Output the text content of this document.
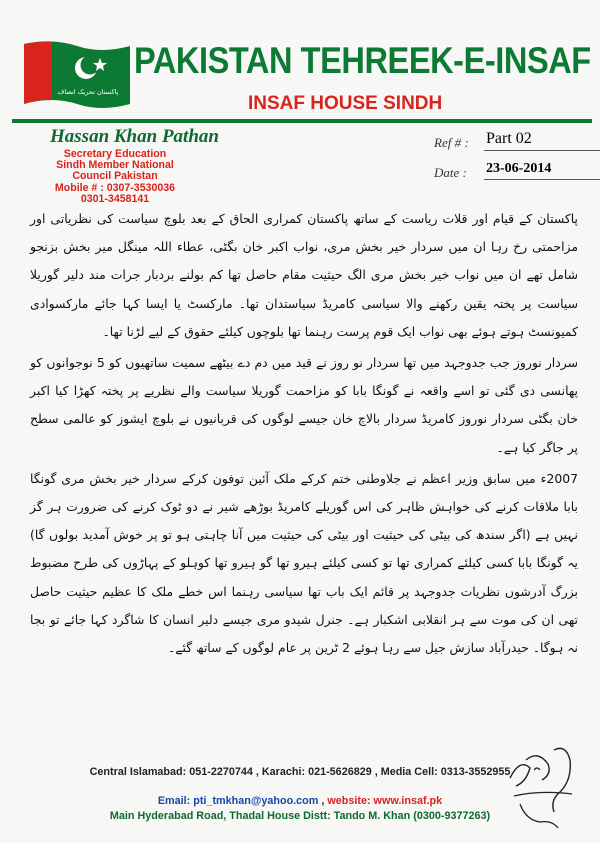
پاکستان تحریک انصاف
PAKISTAN TEHREEK-E-INSAF
INSAF HOUSE SINDH
Hassan Khan Pathan
Secretary Education
Sindh Member National
Council Pakistan
Mobile # : 0307-3530036
0301-3458141
Ref # : Part 02
Date : 23-06-2014

پاکستان کے قیام اور قلات ریاست کے ساتھ پاکستان کمراری الحاق کے بعد بلوچ سیاست کی نظریاتی اور مزاحمتی رخ رہا ان میں سردار خیر بخش مری، نواب اکبر خان بگٹی، عطاء اللہ مینگل میر بخش بزنجو شامل تھے ان میں نواب خیر بخش مری الگ حیثیت مقام حاصل تھا کم بولنے بردبار جرات مند دلیر گوریلا سیاست پر پختہ یقین رکھنے والا سیاسی کامریڈ سیاستدان تھا۔ مارکسٹ یا ایسا کہا جائے مارکسوادی کمیونسٹ ہوتے ہوئے بھی نواب ایک قوم پرست رہنما تھا بلوچوں کیلئے حقوق کے لیے لڑنا تھا۔

سردار نوروز جب جدوجہد میں تھا سردار نو روز نے قید میں دم دے بیٹھے سمیت ساتھیوں کو 5 نوجوانوں کو پھانسی دی گئی تو اسے واقعہ نے گونگا بابا کو مزاحمت گوریلا سیاست والے نظریے پر پختہ کھڑا کیا اکبر خان بگٹی سردار نوروز کامریڈ سردار بالاچ خان جیسے لوگوں کی قربانیوں نے بلوچ ایشوز کو عالمی سطح پر جاگر کیا ہے۔

2007ء میں سابق وزیر اعظم نے جلاوطنی ختم کرکے ملک آئین توفون کرکے سردار خیر بخش مری گونگا بابا ملاقات کرنے کی خواہش ظاہر کی اس گوریلے کامریڈ بوڑھے شیر نے دو ٹوک کرنے کی ضرورت ہر گز نہیں ہے (اگر سندھ کی بیٹی کی حیثیت اور بیٹی کی حیثیت میں آنا چاہتی ہو تو پر خوش آمدید بولوں گا) یہ گونگا بابا کسی کیلئے کمراری تھا تو کسی کیلئے ہیرو تھا گو ہیرو تھا کوہلو کے پہاڑوں کی طرح مضبوط بزرگ آدرشوں نظریات جدوجہد پر قائم ایک باب تھا سیاسی رہنما اس خطے ملک کا عظیم حیثیت حاصل تھی ان کی موت سے ہر انقلابی اشکبار ہے۔ جنرل شیدو مری جیسے دلیر انسان کا شاگرد کہا جائے تو بجا نہ ہوگا۔ حیدرآباد سازش جیل سے رہا ہوئے 2 ٹرین پر عام لوگوں کے ساتھ گئے۔

Central Islamabad: 051-2270744 , Karachi: 021-5626829 , Media Cell: 0313-3552955
Email: pti_tmkhan@yahoo.com , website: www.insaf.pk
Main Hyderabad Road, Thadal House Distt: Tando M. Khan (0300-9377263)
